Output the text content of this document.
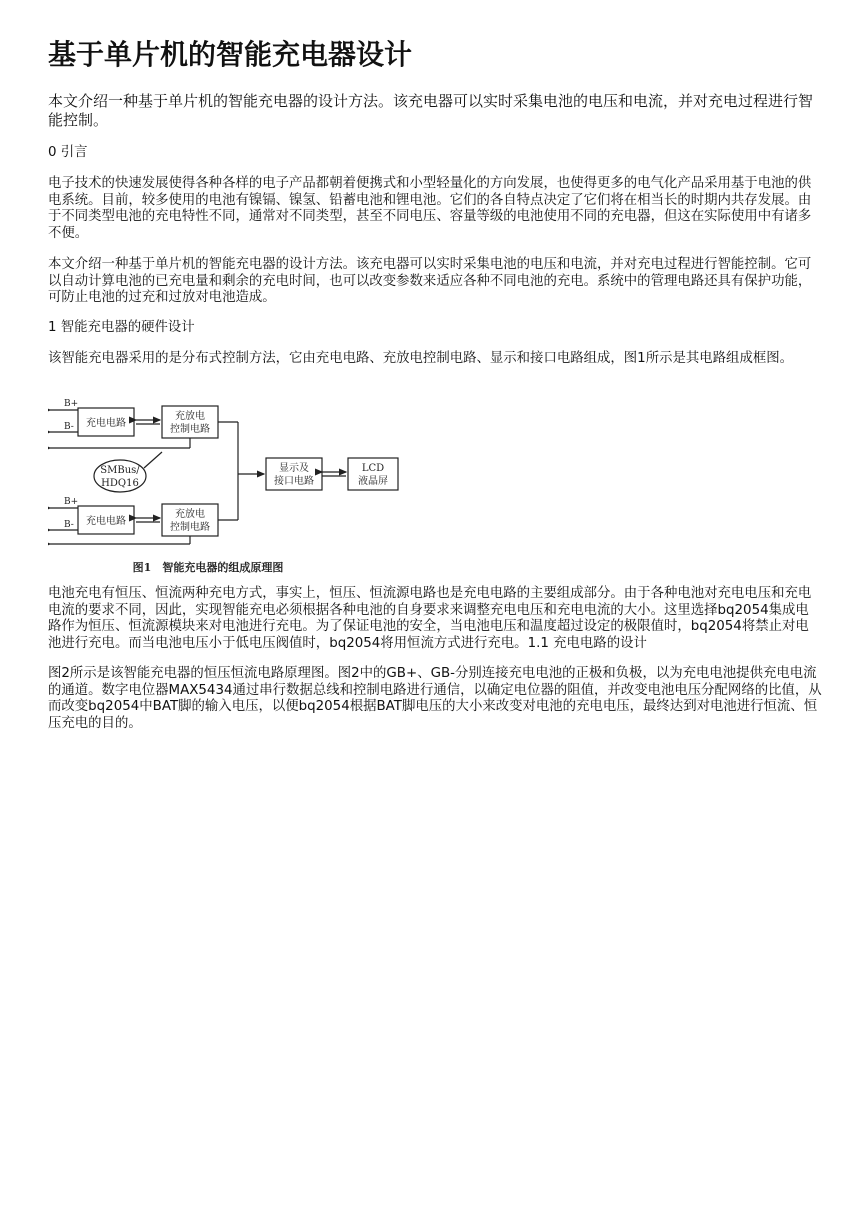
基于单片机的智能充电器设计

本文介绍一种基于单片机的智能充电器的设计方法。该充电器可以实时采集电池的电压和电流，并对充电过程进行智能控制。

0 引言

电子技术的快速发展使得各种各样的电子产品都朝着便携式和小型轻量化的方向发展，也使得更多的电气化产品采用基于电池的供电系统。目前，较多使用的电池有镍镉、镍氢、铅蓄电池和锂电池。它们的各自特点决定了它们将在相当长的时期内共存发展。由于不同类型电池的充电特性不同，通常对不同类型，甚至不同电压、容量等级的电池使用不同的充电器，但这在实际使用中有诸多不便。

本文介绍一种基于单片机的智能充电器的设计方法。该充电器可以实时采集电池的电压和电流，并对充电过程进行智能控制。它可以自动计算电池的已充电量和剩余的充电时间，也可以改变参数来适应各种不同电池的充电。系统中的管理电路还具有保护功能，可防止电池的过充和过放对电池造成。

1 智能充电器的硬件设计

该智能充电器采用的是分布式控制方法，它由充电电路、充放电控制电路、显示和接口电路组成，图1所示是其电路组成框图。

B+
B-
B+
B-
充电电路
充放电
控制电路
充电电路
充放电
控制电路
显示及
接口电路
LCD
液晶屏
SMBus/
HDQ16
图1　智能充电器的组成原理图

电池充电有恒压、恒流两种充电方式，事实上，恒压、恒流源电路也是充电电路的主要组成部分。由于各种电池对充电电压和充电电流的要求不同，因此，实现智能充电必须根据各种电池的自身要求来调整充电电压和充电电流的大小。这里选择bq2054集成电路作为恒压、恒流源模块来对电池进行充电。为了保证电池的安全，当电池电压和温度超过设定的极限值时，bq2054将禁止对电池进行充电。而当电池电压小于低电压阀值时，bq2054将用恒流方式进行充电。1.1 充电电路的设计

图2所示是该智能充电器的恒压恒流电路原理图。图2中的GB+、GB-分别连接充电电池的正极和负极，以为充电电池提供充电电流的通道。数字电位器MAX5434通过串行数据总线和控制电路进行通信，以确定电位器的阻值，并改变电池电压分配网络的比值，从而改变bq2054中BAT脚的输入电压，以便bq2054根据BAT脚电压的大小来改变对电池的充电电压，最终达到对电池进行恒流、恒压充电的目的。
